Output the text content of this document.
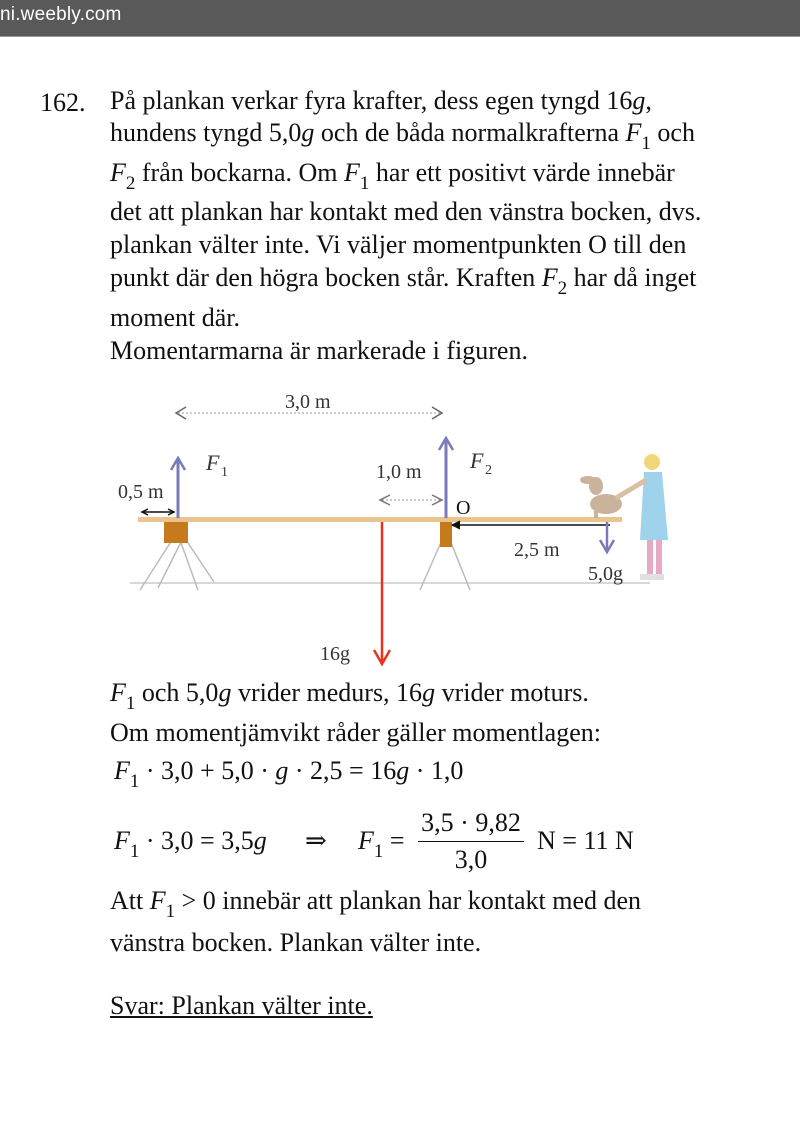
ni.weebly.com
162. På plankan verkar fyra krafter, dess egen tyngd 16g,
hundens tyngd 5,0g och de båda normalkrafterna $F_1$ och
$F_2$ från bockarna. Om $F_1$ har ett positivt värde innebär
det att plankan har kontakt med den vänstra bocken, dvs.
plankan välter inte. Vi väljer momentpunkten O till den
punkt där den högra bocken står. Kraften $F_2$ har då inget
moment där.
Momentarmarna är markerade i figuren.
3,0 m
F 1
0,5 m
F 2
1,0 m
O
16g
2,5 m
5,0g
$F_1$ och 5,0g vrider medurs, 16g vrider moturs.
Om momentjämvikt råder gäller momentlagen:
$F_1 \cdot 3,0 + 5,0 \cdot g \cdot 2,5 = 16g \cdot 1,0$
$F_1 \cdot 3,0 = 3,5g$ ⇒ $F_1$ =
3,5 · 9,82
3,0
N = 11 N
Att $F_1 > 0$ innebär att plankan har kontakt med den
vänstra bocken. Plankan välter inte.
Svar: Plankan välter inte.
